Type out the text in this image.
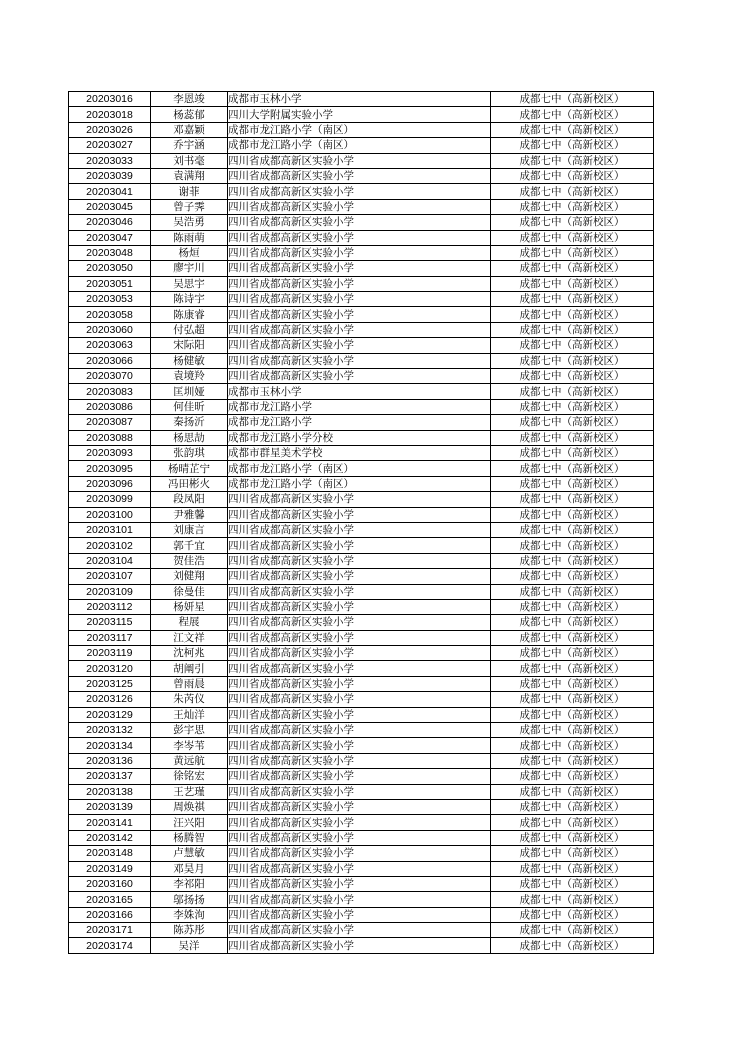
20203016	李恩竣	成都市玉林小学	成都七中（高新校区）
20203018	杨蕊郁	四川大学附属实验小学	成都七中（高新校区）
20203026	邓嘉颖	成都市龙江路小学（南区）	成都七中（高新校区）
20203027	乔宇涵	成都市龙江路小学（南区）	成都七中（高新校区）
20203033	刘书毫	四川省成都高新区实验小学	成都七中（高新校区）
20203039	袁满翔	四川省成都高新区实验小学	成都七中（高新校区）
20203041	谢菲	四川省成都高新区实验小学	成都七中（高新校区）
20203045	曾子霁	四川省成都高新区实验小学	成都七中（高新校区）
20203046	吴浩勇	四川省成都高新区实验小学	成都七中（高新校区）
20203047	陈雨萌	四川省成都高新区实验小学	成都七中（高新校区）
20203048	杨烜	四川省成都高新区实验小学	成都七中（高新校区）
20203050	廖宇川	四川省成都高新区实验小学	成都七中（高新校区）
20203051	吴思宇	四川省成都高新区实验小学	成都七中（高新校区）
20203053	陈诗宇	四川省成都高新区实验小学	成都七中（高新校区）
20203058	陈康睿	四川省成都高新区实验小学	成都七中（高新校区）
20203060	付弘超	四川省成都高新区实验小学	成都七中（高新校区）
20203063	宋际阳	四川省成都高新区实验小学	成都七中（高新校区）
20203066	杨健敏	四川省成都高新区实验小学	成都七中（高新校区）
20203070	袁境羚	四川省成都高新区实验小学	成都七中（高新校区）
20203083	匡圳娅	成都市玉林小学	成都七中（高新校区）
20203086	何佳昕	成都市龙江路小学	成都七中（高新校区）
20203087	秦扬沂	成都市龙江路小学	成都七中（高新校区）
20203088	杨思劼	成都市龙江路小学分校	成都七中（高新校区）
20203093	张韵琪	成都市群星美术学校	成都七中（高新校区）
20203095	杨晴芷宁	成都市龙江路小学（南区）	成都七中（高新校区）
20203096	冯田彬火	成都市龙江路小学（南区）	成都七中（高新校区）
20203099	段凤阳	四川省成都高新区实验小学	成都七中（高新校区）
20203100	尹雅馨	四川省成都高新区实验小学	成都七中（高新校区）
20203101	刘康言	四川省成都高新区实验小学	成都七中（高新校区）
20203102	郭千宜	四川省成都高新区实验小学	成都七中（高新校区）
20203104	贺佳浩	四川省成都高新区实验小学	成都七中（高新校区）
20203107	刘健翔	四川省成都高新区实验小学	成都七中（高新校区）
20203109	徐曼佳	四川省成都高新区实验小学	成都七中（高新校区）
20203112	杨妍星	四川省成都高新区实验小学	成都七中（高新校区）
20203115	程展	四川省成都高新区实验小学	成都七中（高新校区）
20203117	江文祥	四川省成都高新区实验小学	成都七中（高新校区）
20203119	沈柯兆	四川省成都高新区实验小学	成都七中（高新校区）
20203120	胡阐引	四川省成都高新区实验小学	成都七中（高新校区）
20203125	曾雨晨	四川省成都高新区实验小学	成都七中（高新校区）
20203126	朱芮仪	四川省成都高新区实验小学	成都七中（高新校区）
20203129	王灿洋	四川省成都高新区实验小学	成都七中（高新校区）
20203132	彭宇思	四川省成都高新区实验小学	成都七中（高新校区）
20203134	李岑苇	四川省成都高新区实验小学	成都七中（高新校区）
20203136	黄远航	四川省成都高新区实验小学	成都七中（高新校区）
20203137	徐铭宏	四川省成都高新区实验小学	成都七中（高新校区）
20203138	王艺瑾	四川省成都高新区实验小学	成都七中（高新校区）
20203139	周焕祺	四川省成都高新区实验小学	成都七中（高新校区）
20203141	汪兴阳	四川省成都高新区实验小学	成都七中（高新校区）
20203142	杨腾智	四川省成都高新区实验小学	成都七中（高新校区）
20203148	卢慧敏	四川省成都高新区实验小学	成都七中（高新校区）
20203149	邓昊月	四川省成都高新区实验小学	成都七中（高新校区）
20203160	李祁阳	四川省成都高新区实验小学	成都七中（高新校区）
20203165	邬扬扬	四川省成都高新区实验小学	成都七中（高新校区）
20203166	李姝洵	四川省成都高新区实验小学	成都七中（高新校区）
20203171	陈苏彤	四川省成都高新区实验小学	成都七中（高新校区）
20203174	吴洋	四川省成都高新区实验小学	成都七中（高新校区）
